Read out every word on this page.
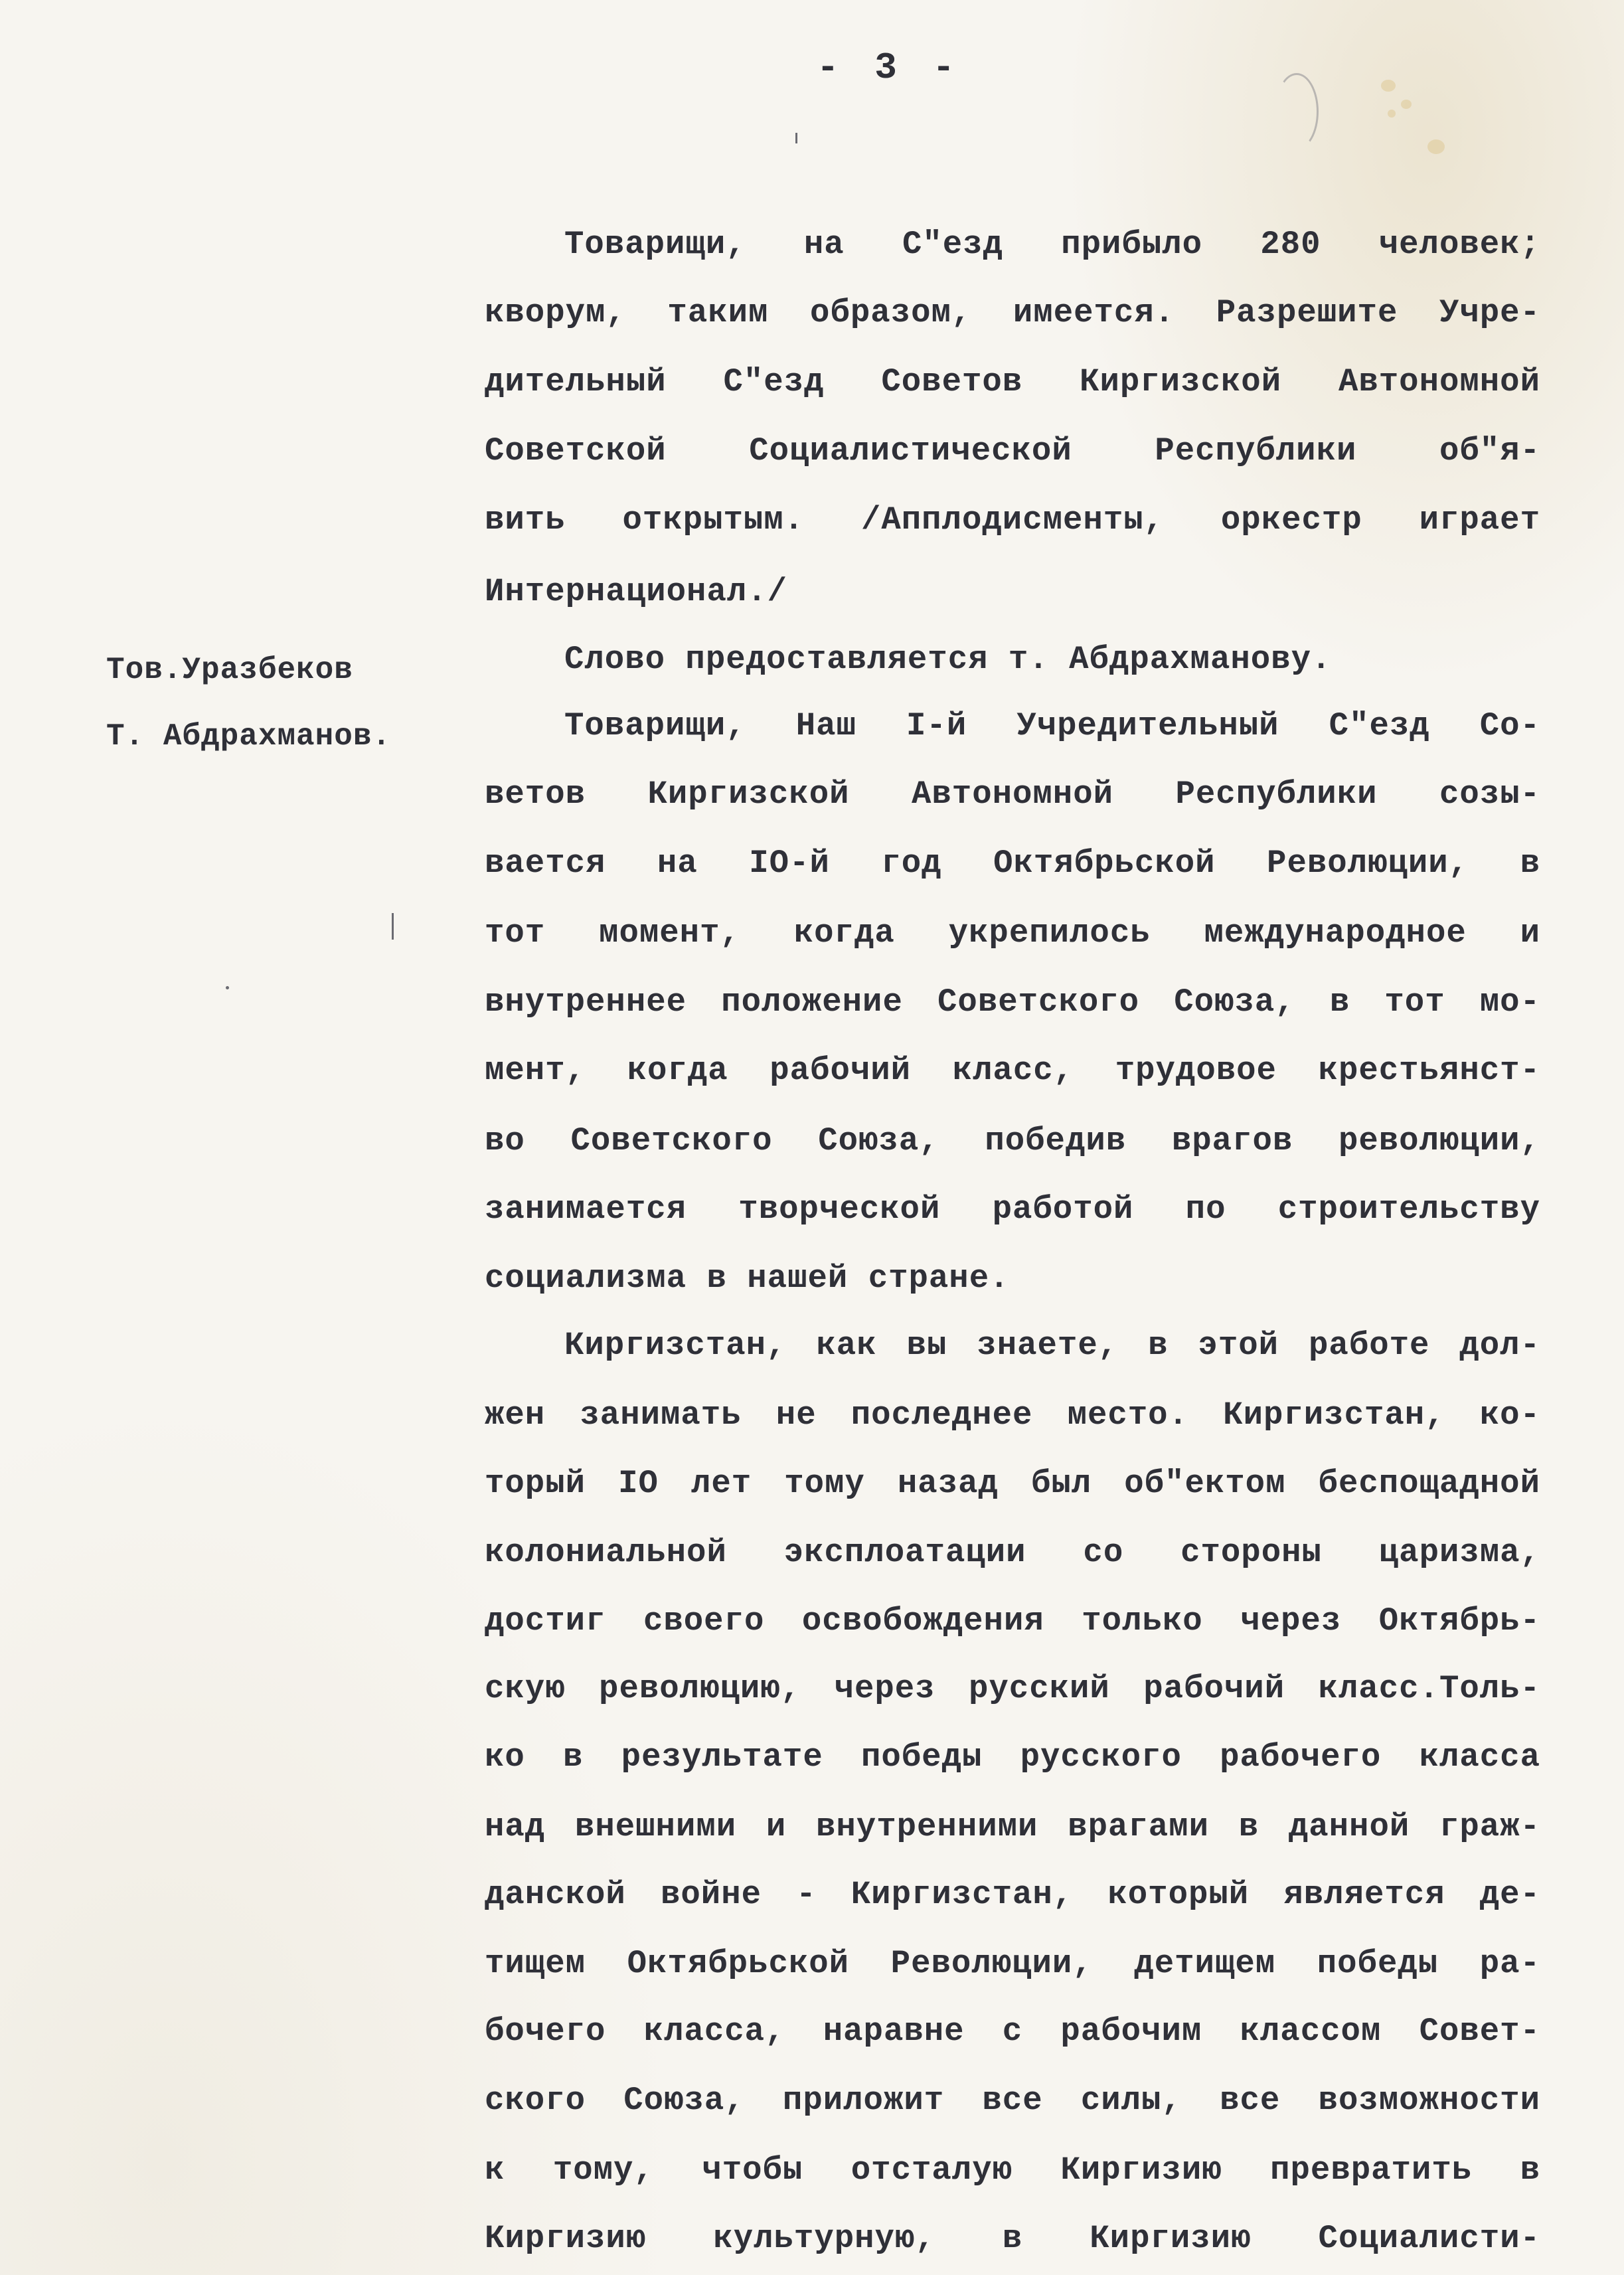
- 3 -
Тов.Уразбеков
Т. Абдрахманов.
Товарищи, на С"езд прибыло 280 человек;
кворум, таким образом, имеется. Разрешите Учре-
дительный С"езд Советов Киргизской Автономной
Советской Социалистической Республики об"я-
вить открытым. /Апплодисменты, оркестр играет
Интернационал./
Слово предоставляется т. Абдрахманову.
Товарищи, Наш I-й Учредительный С"езд Со-
ветов Киргизской Автономной Республики созы-
вается на IO-й год Октябрьской Революции, в
тот момент, когда укрепилось международное и
внутреннее положение Советского Союза, в тот мо-
мент, когда рабочий класс, трудовое крестьянст-
во Советского Союза, победив врагов революции,
занимается творческой работой по строительству
социализма в нашей стране.
Киргизстан, как вы знаете, в этой работе дол-
жен занимать не последнее место. Киргизстан, ко-
торый IO лет тому назад был об"ектом беспощадной
колониальной эксплоатации со стороны царизма,
достиг своего освобождения только через Октябрь-
скую революцию, через русский рабочий класс.Толь-
ко в результате победы русского рабочего класса
над внешними и внутренними врагами в данной граж-
данской войне - Киргизстан, который является де-
тищем Октябрьской Революции, детищем победы ра-
бочего класса, наравне с рабочим классом Совет-
ского Союза, приложит все силы, все возможности
к тому, чтобы отсталую Киргизию превратить в
Киргизию культурную, в Киргизию Социалисти-
